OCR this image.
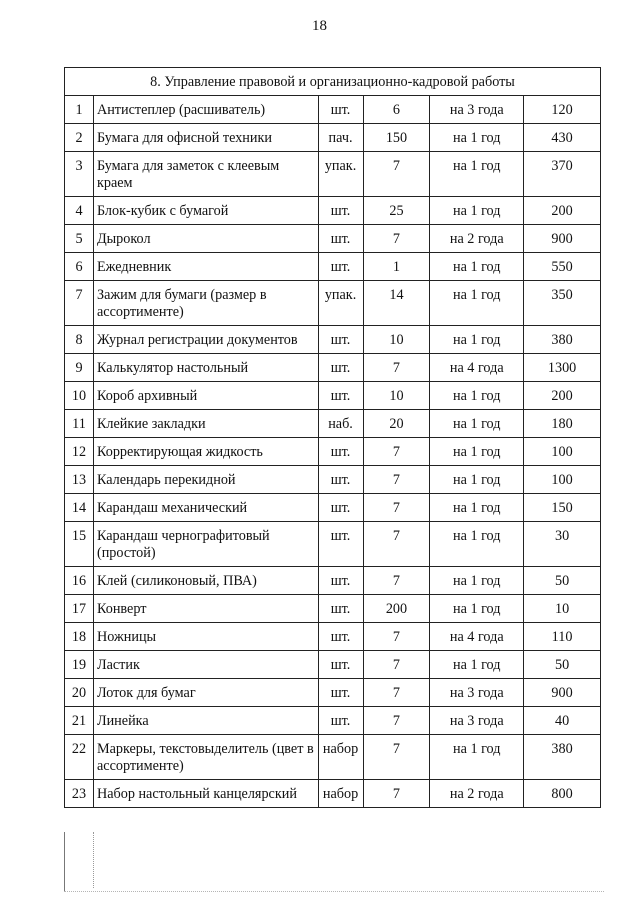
18
8. Управление правовой и организационно-кадровой работы					
1	Антистеплер (расшиватель)	шт.	6	на 3 года	120
2	Бумага для офисной техники	пач.	150	на 1 год	430
3	Бумага для заметок с клеевым краем	упак.	7	на 1 год	370
4	Блок-кубик с бумагой	шт.	25	на 1 год	200
5	Дырокол	шт.	7	на 2 года	900
6	Ежедневник	шт.	1	на 1 год	550
7	Зажим для бумаги (размер в ассортименте)	упак.	14	на 1 год	350
8	Журнал регистрации документов	шт.	10	на 1 год	380
9	Калькулятор настольный	шт.	7	на 4 года	1300
10	Короб архивный	шт.	10	на 1 год	200
11	Клейкие закладки	наб.	20	на 1 год	180
12	Корректирующая жидкость	шт.	7	на 1 год	100
13	Календарь перекидной	шт.	7	на 1 год	100
14	Карандаш механический	шт.	7	на 1 год	150
15	Карандаш чернографитовый (простой)	шт.	7	на 1 год	30
16	Клей (силиконовый, ПВА)	шт.	7	на 1 год	50
17	Конверт	шт.	200	на 1 год	10
18	Ножницы	шт.	7	на 4 года	110
19	Ластик	шт.	7	на 1 год	50
20	Лоток для бумаг	шт.	7	на 3 года	900
21	Линейка	шт.	7	на 3 года	40
22	Маркеры, текстовыделитель (цвет в ассортименте)	набор	7	на 1 год	380
23	Набор настольный канцелярский	набор	7	на 2 года	800
